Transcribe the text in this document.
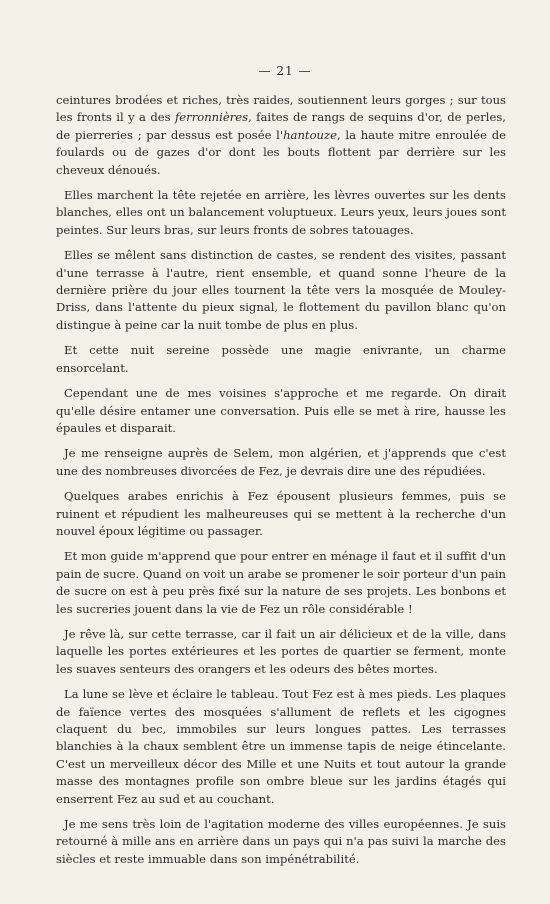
— 21 —

ceintures brodées et riches, très raides, soutiennent leurs gorges ; sur tous les fronts il y a des ferronnières, faites de rangs de sequins d'or, de perles, de pierreries ; par dessus est posée l'hantouze, la haute mitre enroulée de foulards ou de gazes d'or dont les bouts flottent par derrière sur les cheveux dénoués.

Elles marchent la tête rejetée en arrière, les lèvres ouvertes sur les dents blanches, elles ont un balancement voluptueux. Leurs yeux, leurs joues sont peintes. Sur leurs bras, sur leurs fronts de sobres tatouages.

Elles se mêlent sans distinction de castes, se rendent des visites, passant d'une terrasse à l'autre, rient ensemble, et quand sonne l'heure de la dernière prière du jour elles tournent la tête vers la mosquée de Mouley-Driss, dans l'attente du pieux signal, le flottement du pavillon blanc qu'on distingue à peine car la nuit tombe de plus en plus.

Et cette nuit sereine possède une magie enivrante, un charme ensorcelant.

Cependant une de mes voisines s'approche et me regarde. On dirait qu'elle désire entamer une conversation. Puis elle se met à rire, hausse les épaules et disparait.

Je me renseigne auprès de Selem, mon algérien, et j'apprends que c'est une des nombreuses divorcées de Fez, je devrais dire une des répudiées.

Quelques arabes enrichis à Fez épousent plusieurs femmes, puis se ruinent et répudient les malheureuses qui se mettent à la recherche d'un nouvel époux légitime ou passager.

Et mon guide m'apprend que pour entrer en ménage il faut et il suffit d'un pain de sucre. Quand on voit un arabe se promener le soir porteur d'un pain de sucre on est à peu près fixé sur la nature de ses projets. Les bonbons et les sucreries jouent dans la vie de Fez un rôle considérable !

Je rêve là, sur cette terrasse, car il fait un air délicieux et de la ville, dans laquelle les portes extérieures et les portes de quartier se ferment, monte les suaves senteurs des orangers et les odeurs des bêtes mortes.

La lune se lève et éclaire le tableau. Tout Fez est à mes pieds. Les plaques de faïence vertes des mosquées s'allument de reflets et les cigognes claquent du bec, immobiles sur leurs longues pattes. Les terrasses blanchies à la chaux semblent être un immense tapis de neige étincelante. C'est un merveilleux décor des Mille et une Nuits et tout autour la grande masse des montagnes profile son ombre bleue sur les jardins étagés qui enserrent Fez au sud et au couchant.

Je me sens très loin de l'agitation moderne des villes européennes. Je suis retourné à mille ans en arrière dans un pays qui n'a pas suivi la marche des siècles et reste immuable dans son impénétrabilité.
